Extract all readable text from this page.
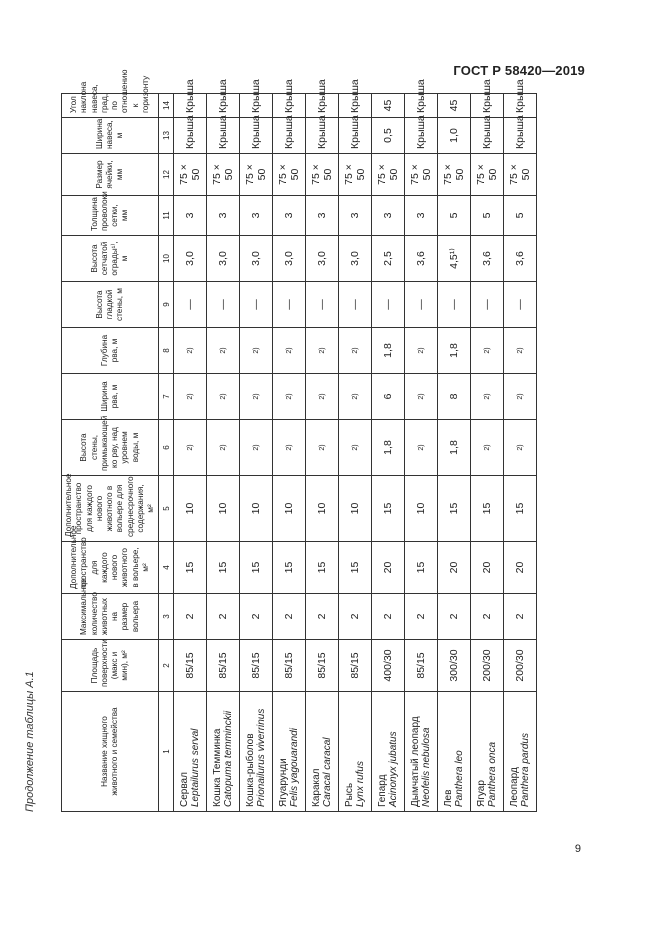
ГОСТ Р 58420—2019
Продолжение таблицы А.1	Название хищного животного и семейства	Площадь поверхности (макс и мин), м²	Максимальное количество животных на размер вольера	Дополнительное пространство для каждого нового животного в вольере, м²	Дополнительное пространство для каждого нового животного в вольере для среднесрочного содержания, м²	Высота стены, примыкающей ко рву, над уровнем воды, м	Ширина рва, м	Глубина рва, м	Высота гладкой стены, м	Высота сетчатой ограды¹⁾, м	Толщина проволоки сетки, мм	Размер ячейки, мм	Ширина навеса, м	Угол наклона навеса, град, по отношению к горизонту
1	2	3	4	5	6	7	8	9	10	11	12	13	14
Сервал Leptailurus serval	85/15	2	15	10	2)	2)	2)	—	3,0	3	75 × 50	Крыша	Крыша
Кошка Темминка Catopuma temminckii	85/15	2	15	10	2)	2)	2)	—	3,0	3	75 × 50	Крыша	Крыша
Кошка-рыболов Prionailurus viverrinus	85/15	2	15	10	2)	2)	2)	—	3,0	3	75 × 50	Крыша	Крыша
Ягуарунди Felis yagouarandi	85/15	2	15	10	2)	2)	2)	—	3,0	3	75 × 50	Крыша	Крыша
Каракал Caracal caracal	85/15	2	15	10	2)	2)	2)	—	3,0	3	75 × 50	Крыша	Крыша
Рысь Lynx rufus	85/15	2	15	10	2)	2)	2)	—	3,0	3	75 × 50	Крыша	Крыша
Гепард Acinonyx jubatus	400/30	2	20	15	1,8	6	1,8	—	2,5	3	75 × 50	0,5	45
Дымчатый леопард Neofelis nebulosa	85/15	2	15	10	2)	2)	2)	—	3,6	3	75 × 50	Крыша	Крыша
Лев Panthera leo	300/30	2	20	15	1,8	8	1,8	—	4,5¹⁾	5	75 × 50	1,0	45
Ягуар Panthera onca	200/30	2	20	15	2)	2)	2)	—	3,6	5	75 × 50	Крыша	Крыша
Леопард Panthera pardus	200/30	2	20	15	2)	2)	2)	—	3,6	5	75 × 50	Крыша	Крыша
9
